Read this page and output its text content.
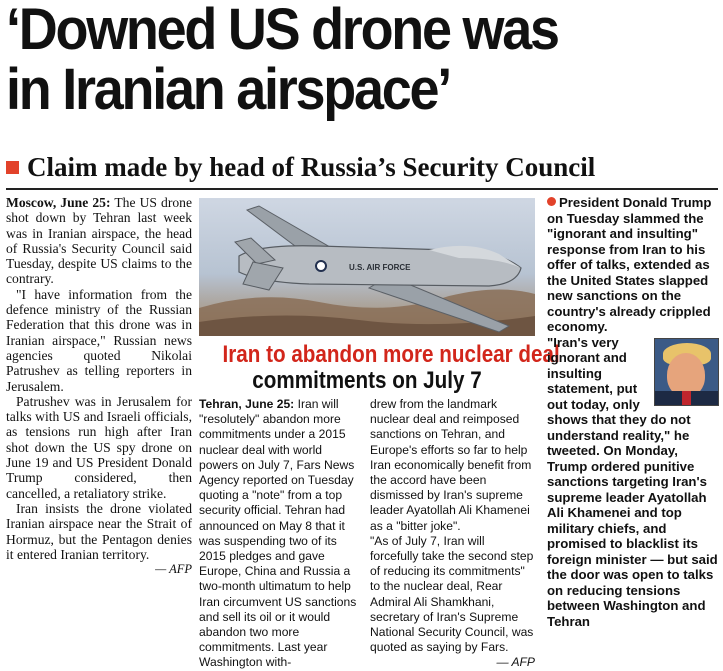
‘Downed US drone was
in Iranian airspace’
Claim made by head of Russia’s Security Council

Moscow, June 25: The US drone shot down by Tehran last week was in Iranian airspace, the head of Russia's Security Council said Tuesday, despite US claims to the contrary.

"I have information from the defence ministry of the Russian Federation that this drone was in Iranian airspace," Russian news agencies quoted Nikolai Patrushev as telling reporters in Jerusalem.

Patrushev was in Jerusalem for talks with US and Israeli officials, as tensions run high after Iran shot down the US spy drone on June 19 and US President Donald Trump considered, then cancelled, a retaliatory strike.

Iran insists the drone violated Iranian airspace near the Strait of Hormuz, but the Pentagon denies it entered Iranian territory.

— AFP

U.S. AIR FORCE
Iran to abandon more nuclear deal
commitments on July 7

Tehran, June 25: Iran will "resolutely" abandon more commitments under a 2015 nuclear deal with world powers on July 7, Fars News Agency reported on Tuesday quoting a "note" from a top security official. Tehran had announced on May 8 that it was suspending two of its 2015 pledges and gave Europe, China and Russia a two-month ultimatum to help Iran circumvent US sanctions and sell its oil or it would abandon two more commitments. Last year Washington with-

drew from the landmark nuclear deal and reimposed sanctions on Tehran, and Europe's efforts so far to help Iran economically benefit from the accord have been dismissed by Iran's supreme leader Ayatollah Ali Khamenei as a "bitter joke".

"As of July 7, Iran will forcefully take the second step of reducing its commitments" to the nuclear deal, Rear Admiral Ali Shamkhani, secretary of Iran's Supreme National Security Council, was quoted as saying by Fars.
— AFP

President Donald Trump on Tuesday slammed the "ignorant and insulting" response from Iran to his offer of talks, extended as the United States slapped new sanctions on the country's already crippled economy.

"Iran's very ignorant and insulting statement, put out today, only shows that they do not understand reality," he tweeted. On Monday, Trump ordered punitive sanctions targeting Iran's supreme leader Ayatollah Ali Khamenei and top military chiefs, and promised to blacklist its foreign minister — but said the door was open to talks on reducing tensions between Washington and Tehran
